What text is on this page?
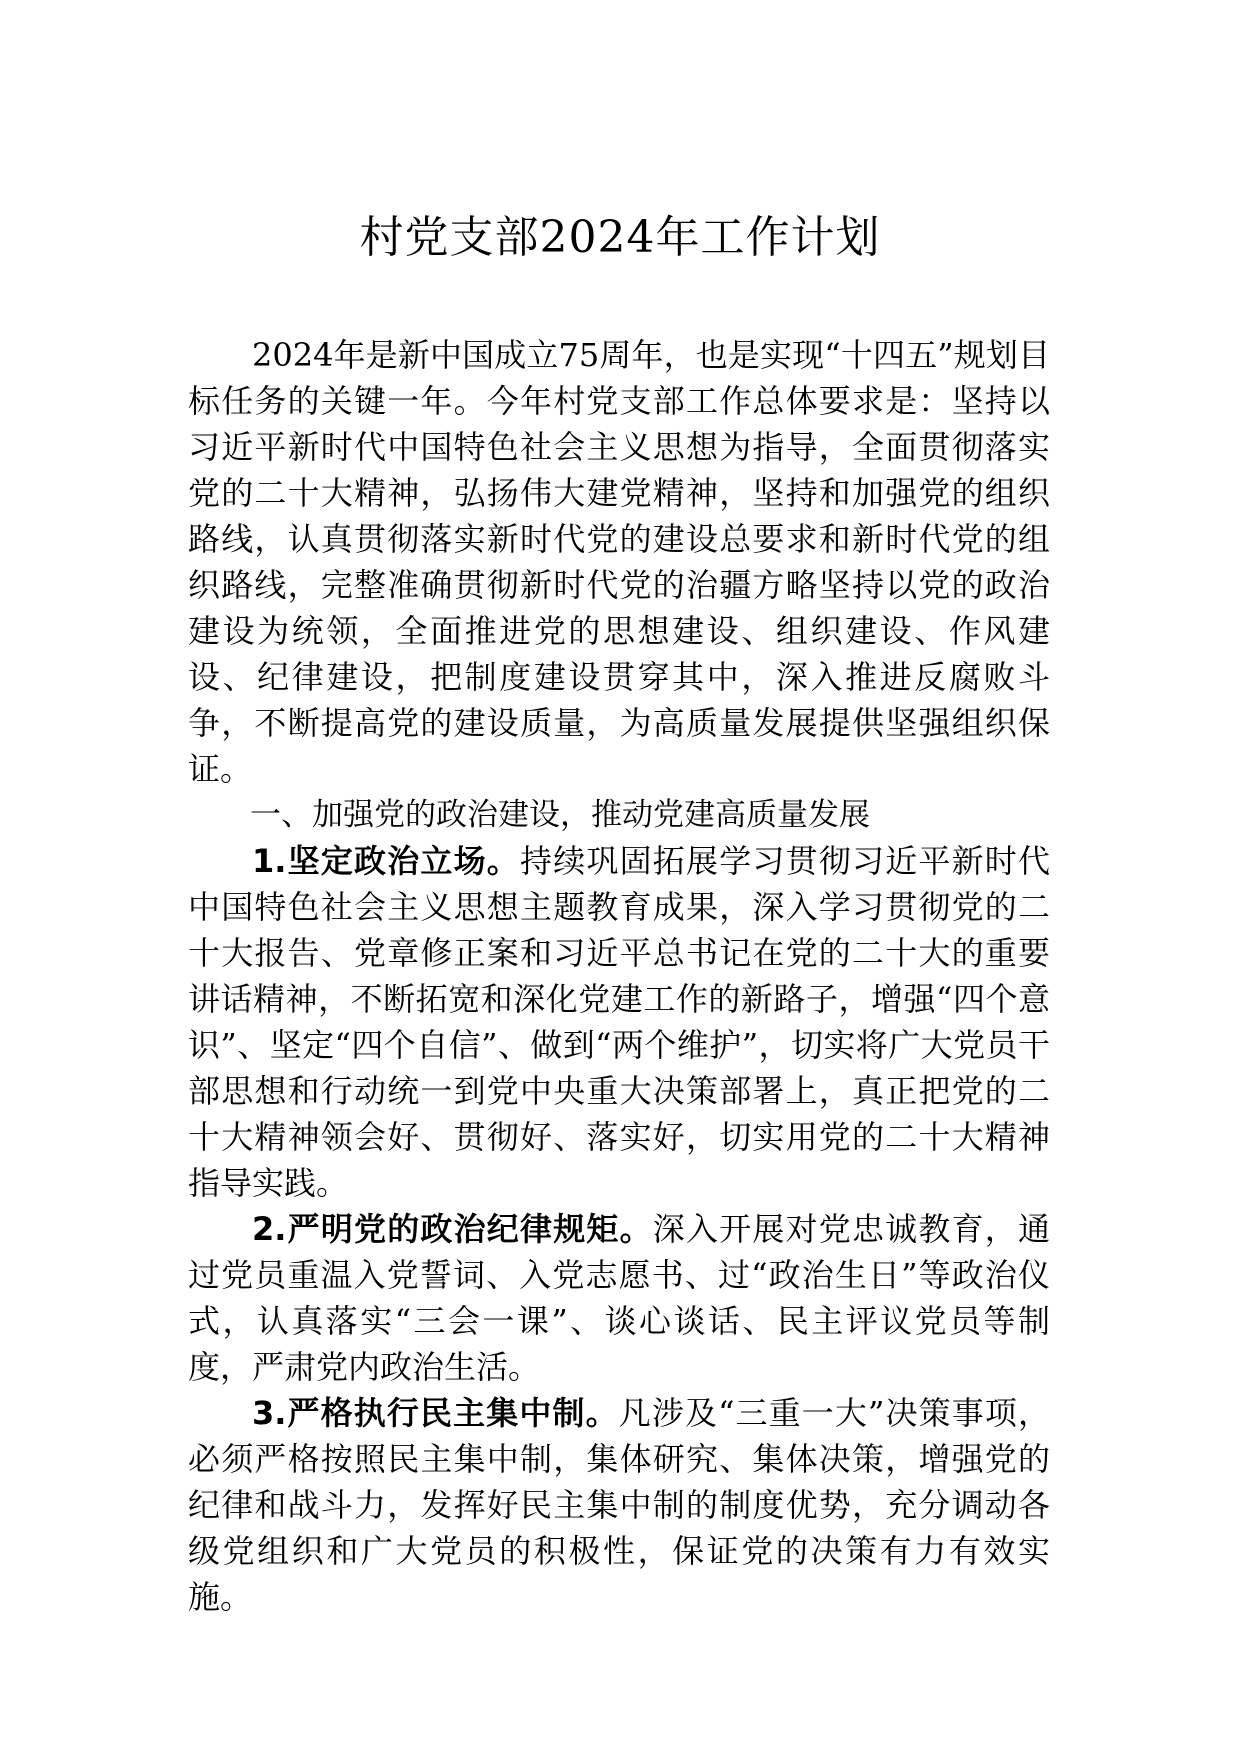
村党支部2024年工作计划

2024年是新中国成立75周年，也是实现“十四五”规划目标任务的关键一年。今年村党支部工作总体要求是：坚持以习近平新时代中国特色社会主义思想为指导，全面贯彻落实党的二十大精神，弘扬伟大建党精神，坚持和加强党的组织路线，认真贯彻落实新时代党的建设总要求和新时代党的组织路线，完整准确贯彻新时代党的治疆方略坚持以党的政治建设为统领，全面推进党的思想建设、组织建设、作风建设、纪律建设，把制度建设贯穿其中，深入推进反腐败斗争，不断提高党的建设质量，为高质量发展提供坚强组织保证。

一、加强党的政治建设，推动党建高质量发展

1.坚定政治立场。持续巩固拓展学习贯彻习近平新时代中国特色社会主义思想主题教育成果，深入学习贯彻党的二十大报告、党章修正案和习近平总书记在党的二十大的重要讲话精神，不断拓宽和深化党建工作的新路子，增强“四个意识”、坚定“四个自信”、做到“两个维护”，切实将广大党员干部思想和行动统一到党中央重大决策部署上，真正把党的二十大精神领会好、贯彻好、落实好，切实用党的二十大精神指导实践。

2.严明党的政治纪律规矩。深入开展对党忠诚教育，通过党员重温入党誓词、入党志愿书、过“政治生日”等政治仪式，认真落实“三会一课”、谈心谈话、民主评议党员等制度，严肃党内政治生活。

3.严格执行民主集中制。凡涉及“三重一大”决策事项，必须严格按照民主集中制，集体研究、集体决策，增强党的纪律和战斗力，发挥好民主集中制的制度优势，充分调动各级党组织和广大党员的积极性，保证党的决策有力有效实施。
